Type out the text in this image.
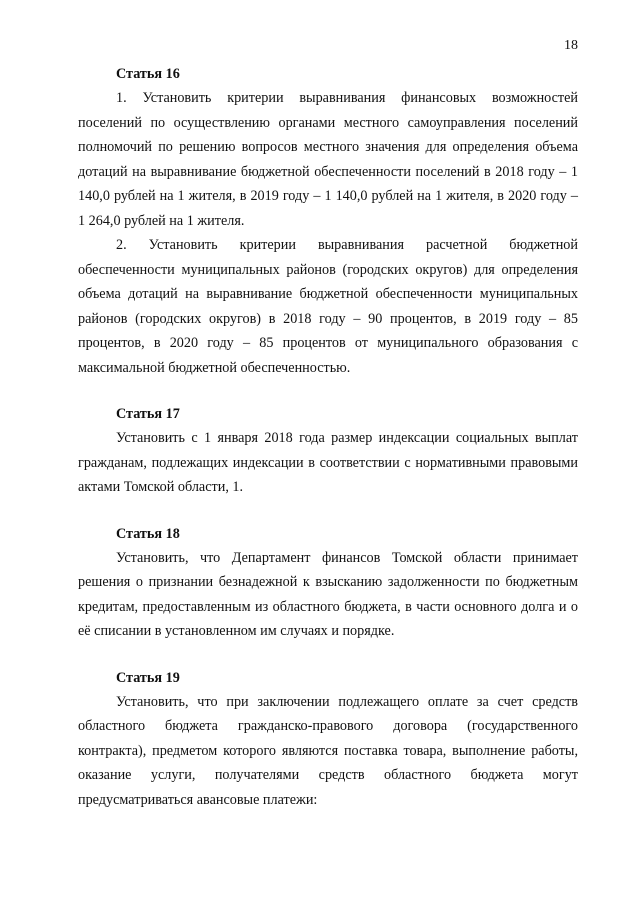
18

Статья 16

1. Установить критерии выравнивания финансовых возможностей поселений по осуществлению органами местного самоуправления поселений полномочий по решению вопросов местного значения для определения объема дотаций на выравнивание бюджетной обеспеченности поселений в 2018 году – 1 140,0 рублей на 1 жителя, в 2019 году – 1 140,0 рублей на 1 жителя, в 2020 году – 1 264,0 рублей на 1 жителя.

2. Установить критерии выравнивания расчетной бюджетной обеспеченности муниципальных районов (городских округов) для определения объема дотаций на выравнивание бюджетной обеспеченности муниципальных районов (городских округов) в 2018 году – 90 процентов, в 2019 году – 85 процентов, в 2020 году – 85 процентов от муниципального образования с максимальной бюджетной обеспеченностью.

Статья 17

Установить с 1 января 2018 года размер индексации социальных выплат гражданам, подлежащих индексации в соответствии с нормативными правовыми актами Томской области, 1.

Статья 18

Установить, что Департамент финансов Томской области принимает решения о признании безнадежной к взысканию задолженности по бюджетным кредитам, предоставленным из областного бюджета, в части основного долга и о её списании в установленном им случаях и порядке.

Статья 19

Установить, что при заключении подлежащего оплате за счет средств областного бюджета гражданско-правового договора (государственного контракта), предметом которого являются поставка товара, выполнение работы, оказание услуги, получателями средств областного бюджета могут предусматриваться авансовые платежи:
